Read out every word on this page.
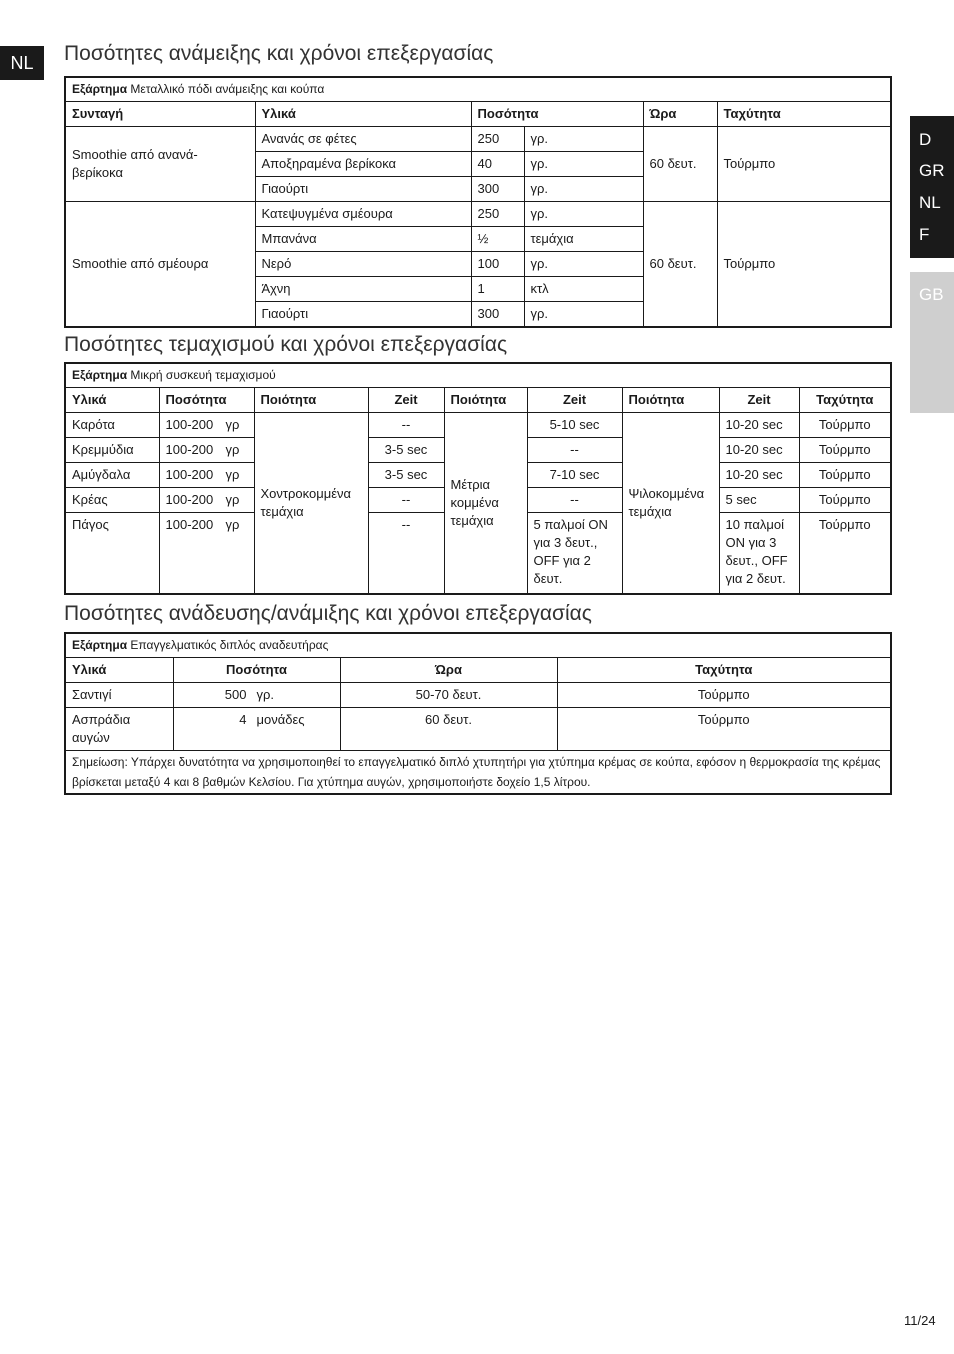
NL
D
GR
NL
F
GB
Ποσότητες ανάμειξης και χρόνοι επεξεργασίας
Εξάρτημα Μεταλλικό πόδι ανάμειξης και κούπα					
Συνταγή	Υλικά	Ποσότητα		Ώρα	Ταχύτητα
Smoothie από ανανά-βερίκοκα	Ανανάς σε φέτες	250	γρ.	60 δευτ.	Τούρμπο
	Αποξηραμένα βερίκοκα	40	γρ.		
	Γιαούρτι	300	γρ.		
Smoothie από σμέουρα	Κατεψυγμένα σμέουρα	250	γρ.	60 δευτ.	Τούρμπο
	Μπανάνα	½	τεμάχια		
	Νερό	100	γρ.		
	Άχνη	1	κτλ		
	Γιαούρτι	300	γρ.		
Ποσότητες τεμαχισμού και χρόνοι επεξεργασίας
Εξάρτημα Μικρή συσκευή τεμαχισμού								
Υλικά	Ποσότητα	Ποιότητα	Zeit	Ποιότητα	Zeit	Ποιότητα	Zeit	Ταχύτητα
Καρότα	100-200 γρ	Χοντροκομμένα τεμάχια	--	Μέτρια κομμένα τεμάχια	5-10 sec	Ψιλοκομμένα τεμάχια	10-20 sec	Τούρμπο
Κρεμμύδια	100-200 γρ		3-5 sec		--		10-20 sec	Τούρμπο
Αμύγδαλα	100-200 γρ		3-5 sec		7-10 sec		10-20 sec	Τούρμπο
Κρέας	100-200 γρ		--		--		5 sec	Τούρμπο
Πάγος	100-200 γρ		--		5 παλμοί ON για 3 δευτ., OFF για 2 δευτ.		10 παλμοί ON για 3 δευτ., OFF για 2 δευτ.	Τούρμπο
Ποσότητες ανάδευσης/ανάμιξης και χρόνοι επεξεργασίας
Εξάρτημα Επαγγελματικός διπλός αναδευτήρας			
Υλικά	Ποσότητα	Ώρα	Ταχύτητα
Σαντιγί	500 γρ.	50-70 δευτ.	Τούρμπο
Ασπράδια αυγών	4 μονάδες	60 δευτ.	Τούρμπο
Σημείωση: Υπάρχει δυνατότητα να χρησιμοποιηθεί το επαγγελματικό διπλό χτυπητήρι για χτύπημα κρέμας σε κούπα, εφόσον η θερμοκρασία της κρέμας βρίσκεται μεταξύ 4 και 8 βαθμών Κελσίου. Για χτύπημα αυγών, χρησιμοποιήστε δοχείο 1,5 λίτρου.			
11/24
